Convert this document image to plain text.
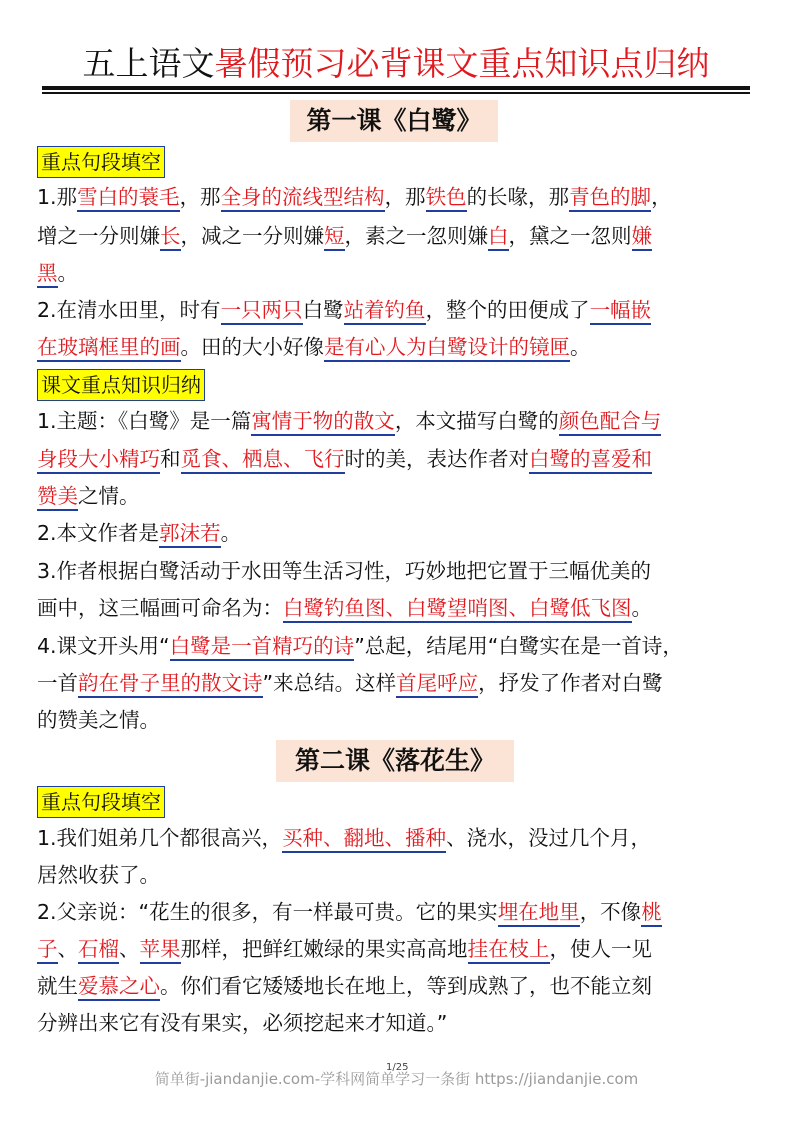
五上语文暑假预习必背课文重点知识点归纳
第一课《白鹭》
重点句段填空
1.那雪白的蓑毛，那全身的流线型结构，那铁色的长喙，那青色的脚，
增之一分则嫌长，减之一分则嫌短，素之一忽则嫌白，黛之一忽则嫌
黑。
2.在清水田里，时有一只两只白鹭站着钓鱼，整个的田便成了一幅嵌
在玻璃框里的画。田的大小好像是有心人为白鹭设计的镜匣。
课文重点知识归纳
1.主题：《白鹭》是一篇寓情于物的散文，本文描写白鹭的颜色配合与
身段大小精巧和觅食、栖息、飞行时的美，表达作者对白鹭的喜爱和
赞美之情。
2.本文作者是郭沫若。
3.作者根据白鹭活动于水田等生活习性，巧妙地把它置于三幅优美的
画中，这三幅画可命名为：白鹭钓鱼图、白鹭望哨图、白鹭低飞图。
4.课文开头用“白鹭是一首精巧的诗”总起，结尾用“白鹭实在是一首诗，
一首韵在骨子里的散文诗”来总结。这样首尾呼应，抒发了作者对白鹭
的赞美之情。
第二课《落花生》
重点句段填空
1.我们姐弟几个都很高兴，买种、翻地、播种、浇水，没过几个月，
居然收获了。
2.父亲说：“花生的很多，有一样最可贵。它的果实埋在地里，不像桃
子、石榴、苹果那样，把鲜红嫩绿的果实高高地挂在枝上，使人一见
就生爱慕之心。你们看它矮矮地长在地上，等到成熟了，也不能立刻
分辨出来它有没有果实，必须挖起来才知道。”
简单街-jiandanjie.com-学科网简单学习一条街 https://jiandanjie.com
1/25
